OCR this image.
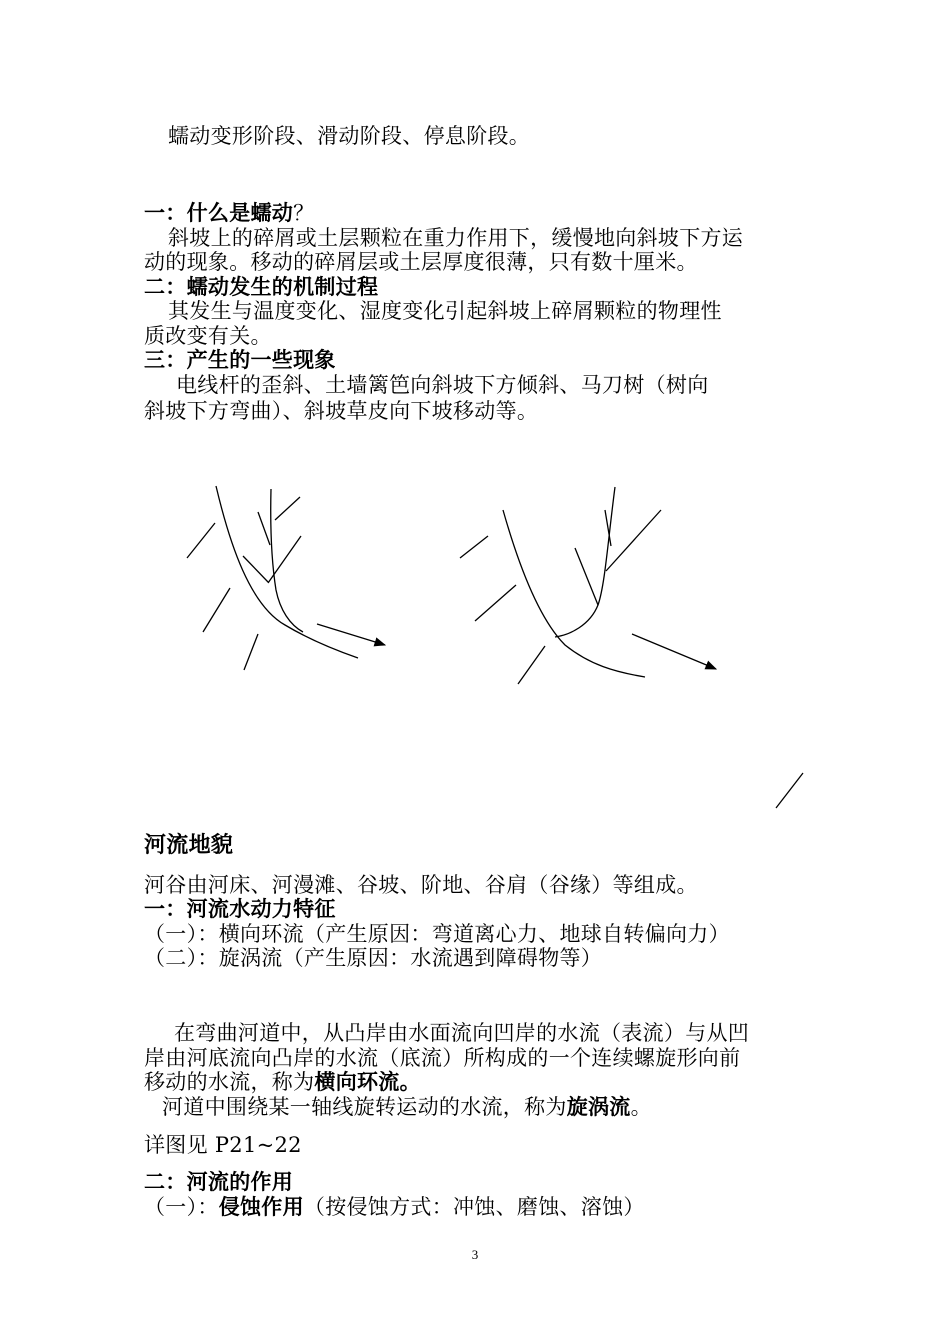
蠕动变形阶段、滑动阶段、停息阶段。
一：什么是蠕动？
斜坡上的碎屑或土层颗粒在重力作用下，缓慢地向斜坡下方运
动的现象。移动的碎屑层或土层厚度很薄，只有数十厘米。
二：蠕动发生的机制过程
其发生与温度变化、湿度变化引起斜坡上碎屑颗粒的物理性
质改变有关。
三：产生的一些现象
电线杆的歪斜、土墙篱笆向斜坡下方倾斜、马刀树（树向
斜坡下方弯曲）、斜坡草皮向下坡移动等。
河流地貌
河谷由河床、河漫滩、谷坡、阶地、谷肩（谷缘）等组成。
一：河流水动力特征
（一）：横向环流（产生原因：弯道离心力、地球自转偏向力）
（二）：旋涡流（产生原因：水流遇到障碍物等）
在弯曲河道中，从凸岸由水面流向凹岸的水流（表流）与从凹
岸由河底流向凸岸的水流（底流）所构成的一个连续螺旋形向前
移动的水流，称为横向环流。
河道中围绕某一轴线旋转运动的水流，称为旋涡流。
详图见 P21~22
二：河流的作用
（一）：侵蚀作用（按侵蚀方式：冲蚀、磨蚀、溶蚀）
3
